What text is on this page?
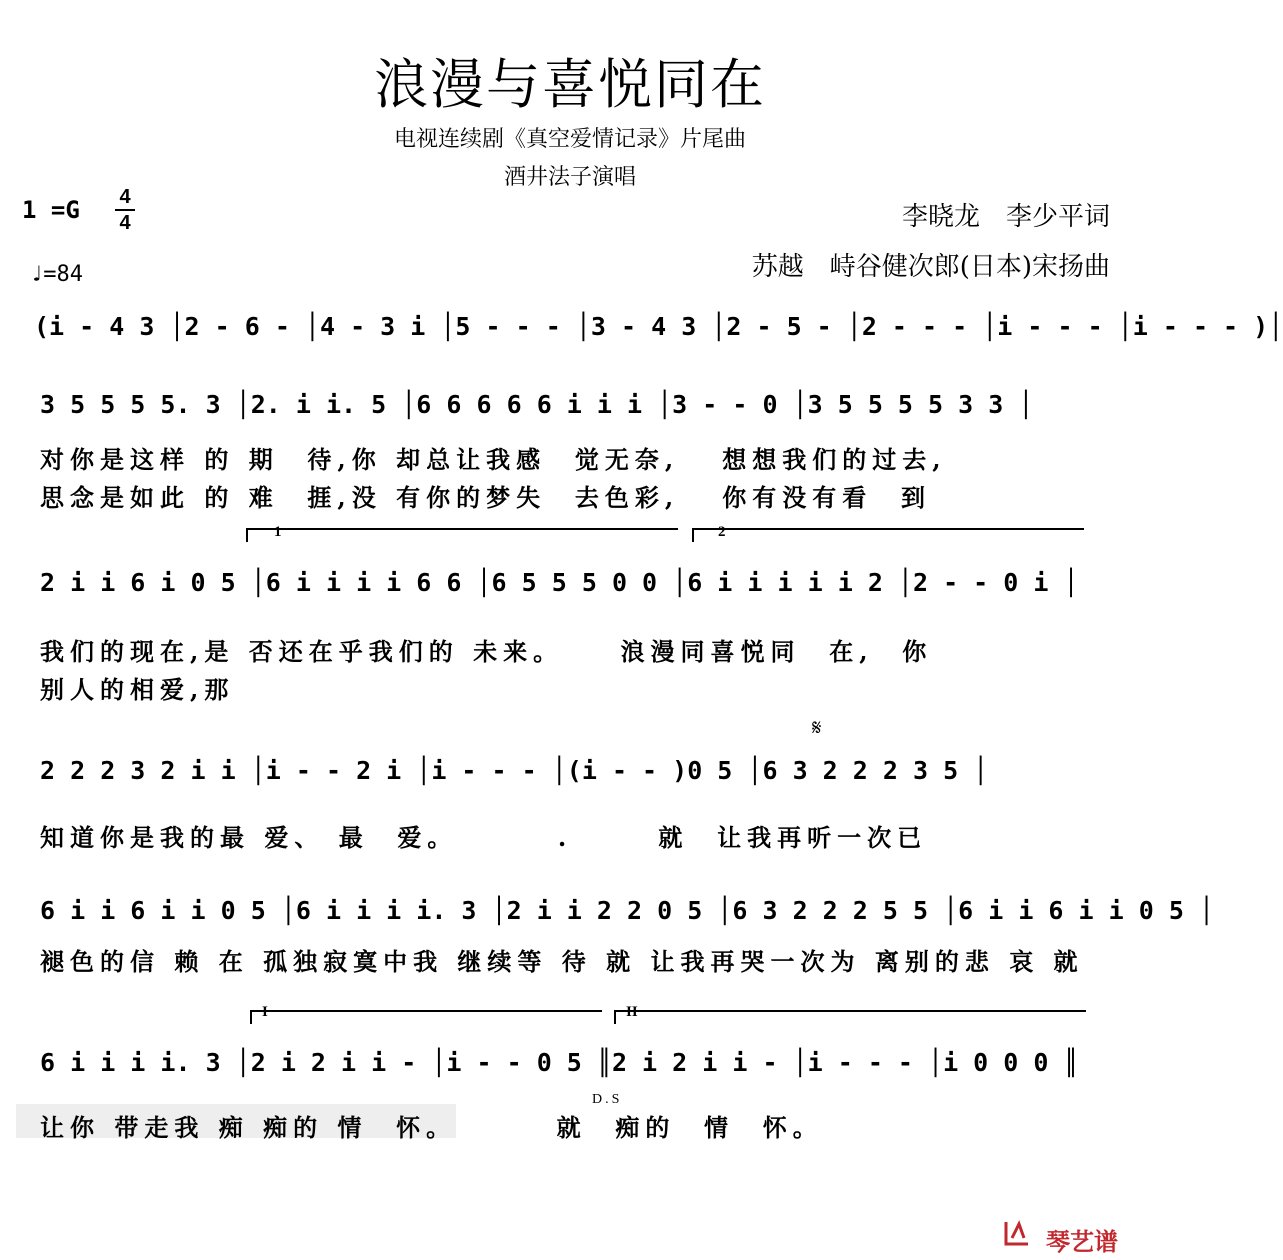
浪漫与喜悦同在
电视连续剧《真空爱情记录》片尾曲
酒井法子演唱
1 =G 4
4
♩=84
李晓龙　李少平词
苏越　峙谷健次郎(日本)宋扬曲
(i - 4 3 │2 - 6 - │4 - 3 i │5 - - - │3 - 4 3 │2 - 5 - │2 - - - │i - - - │i - - - )│
3 5 5 5 5. 3 │2. i i. 5 │6 6 6 6 6 i i i │3 - - 0 │3 5 5 5 5 3 3 │
对你是这样 的 期  待,你 却总让我感  觉无奈,   想想我们的过去,
思念是如此 的 难  捱,没 有你的梦失  去色彩,   你有没有看  到
1	2
2 i i 6 i 0 5 │6 i i i i 6 6 │6 5 5 5 0 0 │6 i i i i i 2 │2 - - 0 i │
我们的现在,是 否还在乎我们的 未来。    浪漫同喜悦同  在,  你
别人的相爱,那
𝄋
2 2 2 3 2 i i │i - - 2 i │i - - - │(i - - )0 5 │6 3 2 2 2 3 5 │
知道你是我的最 爱、 最  爱。       .      就  让我再听一次已
6 i i 6 i i 0 5 │6 i i i i. 3 │2 i i 2 2 0 5 │6 3 2 2 2 5 5 │6 i i 6 i i 0 5 │
褪色的信 赖 在 孤独寂寞中我 继续等 待 就 让我再哭一次为 离别的悲 哀 就
I	II
6 i i i i. 3 │2 i 2 i i - │i - - 0 5 ║2 i 2 i i - │i - - - │i 0 0 0 ║
D.S
让你 带走我 痴 痴的 情  怀。       就  痴的  情  怀。
琴艺谱
